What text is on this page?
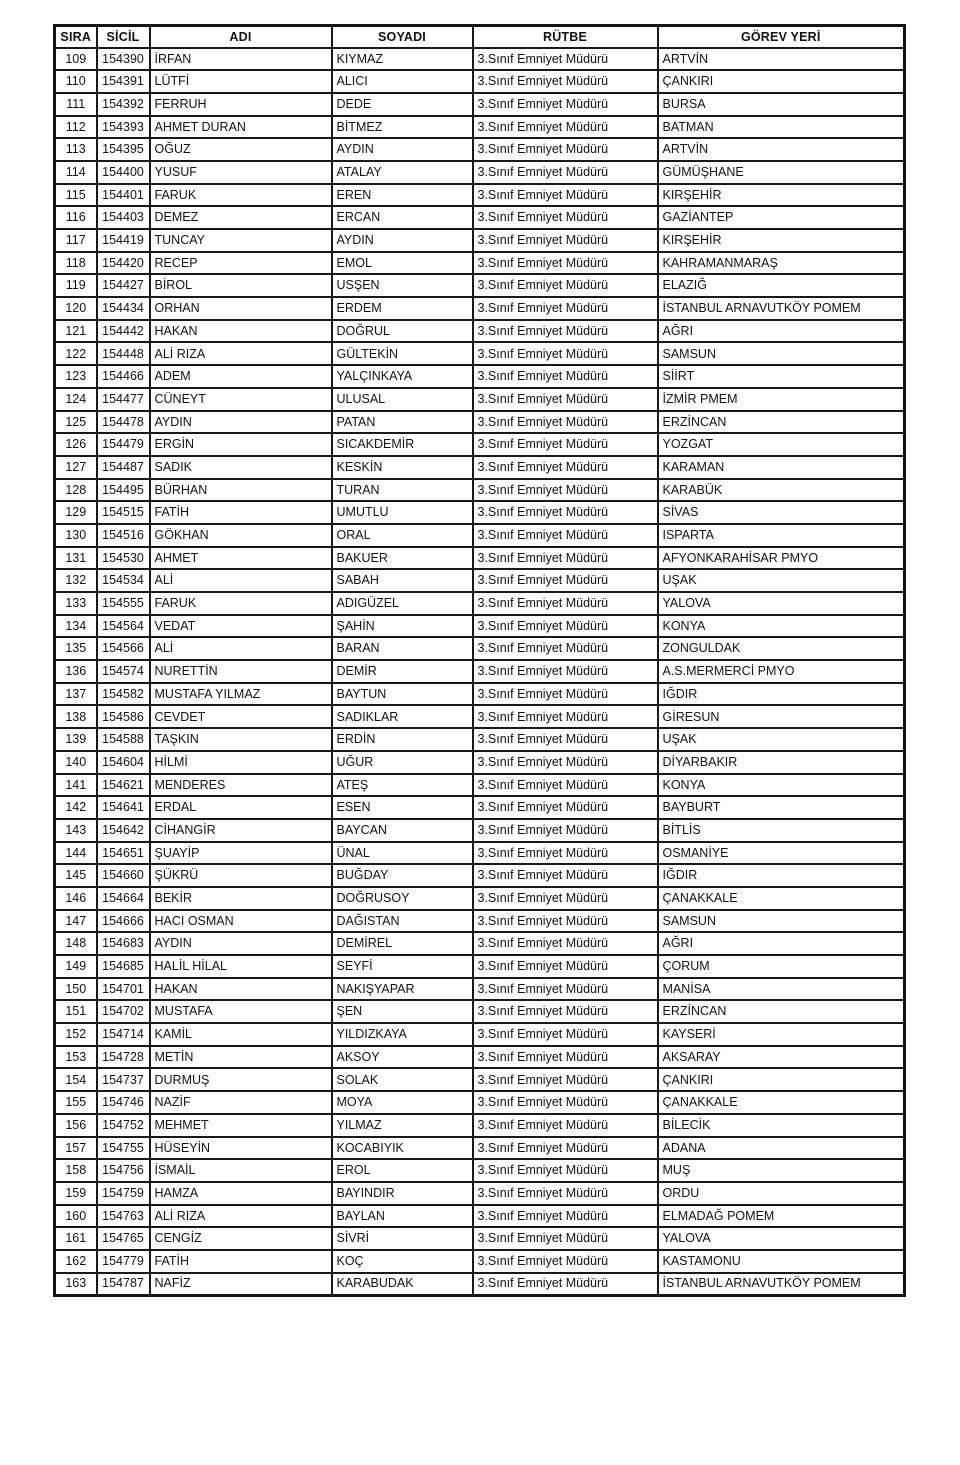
SIRA	SİCİL	ADI	SOYADI	RÜTBE	GÖREV YERİ
109	154390	İRFAN	KIYMAZ	3.Sınıf Emniyet Müdürü	ARTVİN
110	154391	LÜTFİ	ALICI	3.Sınıf Emniyet Müdürü	ÇANKIRI
111	154392	FERRUH	DEDE	3.Sınıf Emniyet Müdürü	BURSA
112	154393	AHMET DURAN	BİTMEZ	3.Sınıf Emniyet Müdürü	BATMAN
113	154395	OĞUZ	AYDIN	3.Sınıf Emniyet Müdürü	ARTVİN
114	154400	YUSUF	ATALAY	3.Sınıf Emniyet Müdürü	GÜMÜŞHANE
115	154401	FARUK	EREN	3.Sınıf Emniyet Müdürü	KIRŞEHİR
116	154403	DEMEZ	ERCAN	3.Sınıf Emniyet Müdürü	GAZİANTEP
117	154419	TUNCAY	AYDIN	3.Sınıf Emniyet Müdürü	KIRŞEHİR
118	154420	RECEP	EMOL	3.Sınıf Emniyet Müdürü	KAHRAMANMARAŞ
119	154427	BİROL	USŞEN	3.Sınıf Emniyet Müdürü	ELAZIĞ
120	154434	ORHAN	ERDEM	3.Sınıf Emniyet Müdürü	İSTANBUL ARNAVUTKÖY POMEM
121	154442	HAKAN	DOĞRUL	3.Sınıf Emniyet Müdürü	AĞRI
122	154448	ALİ RIZA	GÜLTEKİN	3.Sınıf Emniyet Müdürü	SAMSUN
123	154466	ADEM	YALÇINKAYA	3.Sınıf Emniyet Müdürü	SİİRT
124	154477	CÜNEYT	ULUSAL	3.Sınıf Emniyet Müdürü	İZMİR PMEM
125	154478	AYDIN	PATAN	3.Sınıf Emniyet Müdürü	ERZİNCAN
126	154479	ERGİN	SICAKDEMİR	3.Sınıf Emniyet Müdürü	YOZGAT
127	154487	SADIK	KESKİN	3.Sınıf Emniyet Müdürü	KARAMAN
128	154495	BÜRHAN	TURAN	3.Sınıf Emniyet Müdürü	KARABÜK
129	154515	FATİH	UMUTLU	3.Sınıf Emniyet Müdürü	SİVAS
130	154516	GÖKHAN	ORAL	3.Sınıf Emniyet Müdürü	ISPARTA
131	154530	AHMET	BAKUER	3.Sınıf Emniyet Müdürü	AFYONKARAHİSAR PMYO
132	154534	ALİ	SABAH	3.Sınıf Emniyet Müdürü	UŞAK
133	154555	FARUK	ADIGÜZEL	3.Sınıf Emniyet Müdürü	YALOVA
134	154564	VEDAT	ŞAHİN	3.Sınıf Emniyet Müdürü	KONYA
135	154566	ALİ	BARAN	3.Sınıf Emniyet Müdürü	ZONGULDAK
136	154574	NURETTİN	DEMİR	3.Sınıf Emniyet Müdürü	A.S.MERMERCİ PMYO
137	154582	MUSTAFA YILMAZ	BAYTUN	3.Sınıf Emniyet Müdürü	IĞDIR
138	154586	CEVDET	SADIKLAR	3.Sınıf Emniyet Müdürü	GİRESUN
139	154588	TAŞKIN	ERDİN	3.Sınıf Emniyet Müdürü	UŞAK
140	154604	HİLMİ	UĞUR	3.Sınıf Emniyet Müdürü	DİYARBAKIR
141	154621	MENDERES	ATEŞ	3.Sınıf Emniyet Müdürü	KONYA
142	154641	ERDAL	ESEN	3.Sınıf Emniyet Müdürü	BAYBURT
143	154642	CİHANGİR	BAYCAN	3.Sınıf Emniyet Müdürü	BİTLİS
144	154651	ŞUAYİP	ÜNAL	3.Sınıf Emniyet Müdürü	OSMANİYE
145	154660	ŞÜKRÜ	BUĞDAY	3.Sınıf Emniyet Müdürü	IĞDIR
146	154664	BEKİR	DOĞRUSOY	3.Sınıf Emniyet Müdürü	ÇANAKKALE
147	154666	HACI OSMAN	DAĞISTAN	3.Sınıf Emniyet Müdürü	SAMSUN
148	154683	AYDIN	DEMİREL	3.Sınıf Emniyet Müdürü	AĞRI
149	154685	HALİL HİLAL	SEYFİ	3.Sınıf Emniyet Müdürü	ÇORUM
150	154701	HAKAN	NAKIŞYAPAR	3.Sınıf Emniyet Müdürü	MANİSA
151	154702	MUSTAFA	ŞEN	3.Sınıf Emniyet Müdürü	ERZİNCAN
152	154714	KAMİL	YILDIZKAYA	3.Sınıf Emniyet Müdürü	KAYSERİ
153	154728	METİN	AKSOY	3.Sınıf Emniyet Müdürü	AKSARAY
154	154737	DURMUŞ	SOLAK	3.Sınıf Emniyet Müdürü	ÇANKIRI
155	154746	NAZİF	MOYA	3.Sınıf Emniyet Müdürü	ÇANAKKALE
156	154752	MEHMET	YILMAZ	3.Sınıf Emniyet Müdürü	BİLECİK
157	154755	HÜSEYİN	KOCABIYIK	3.Sınıf Emniyet Müdürü	ADANA
158	154756	İSMAİL	EROL	3.Sınıf Emniyet Müdürü	MUŞ
159	154759	HAMZA	BAYINDIR	3.Sınıf Emniyet Müdürü	ORDU
160	154763	ALİ RIZA	BAYLAN	3.Sınıf Emniyet Müdürü	ELMADAĞ POMEM
161	154765	CENGİZ	SİVRİ	3.Sınıf Emniyet Müdürü	YALOVA
162	154779	FATİH	KOÇ	3.Sınıf Emniyet Müdürü	KASTAMONU
163	154787	NAFİZ	KARABUDAK	3.Sınıf Emniyet Müdürü	İSTANBUL ARNAVUTKÖY POMEM
